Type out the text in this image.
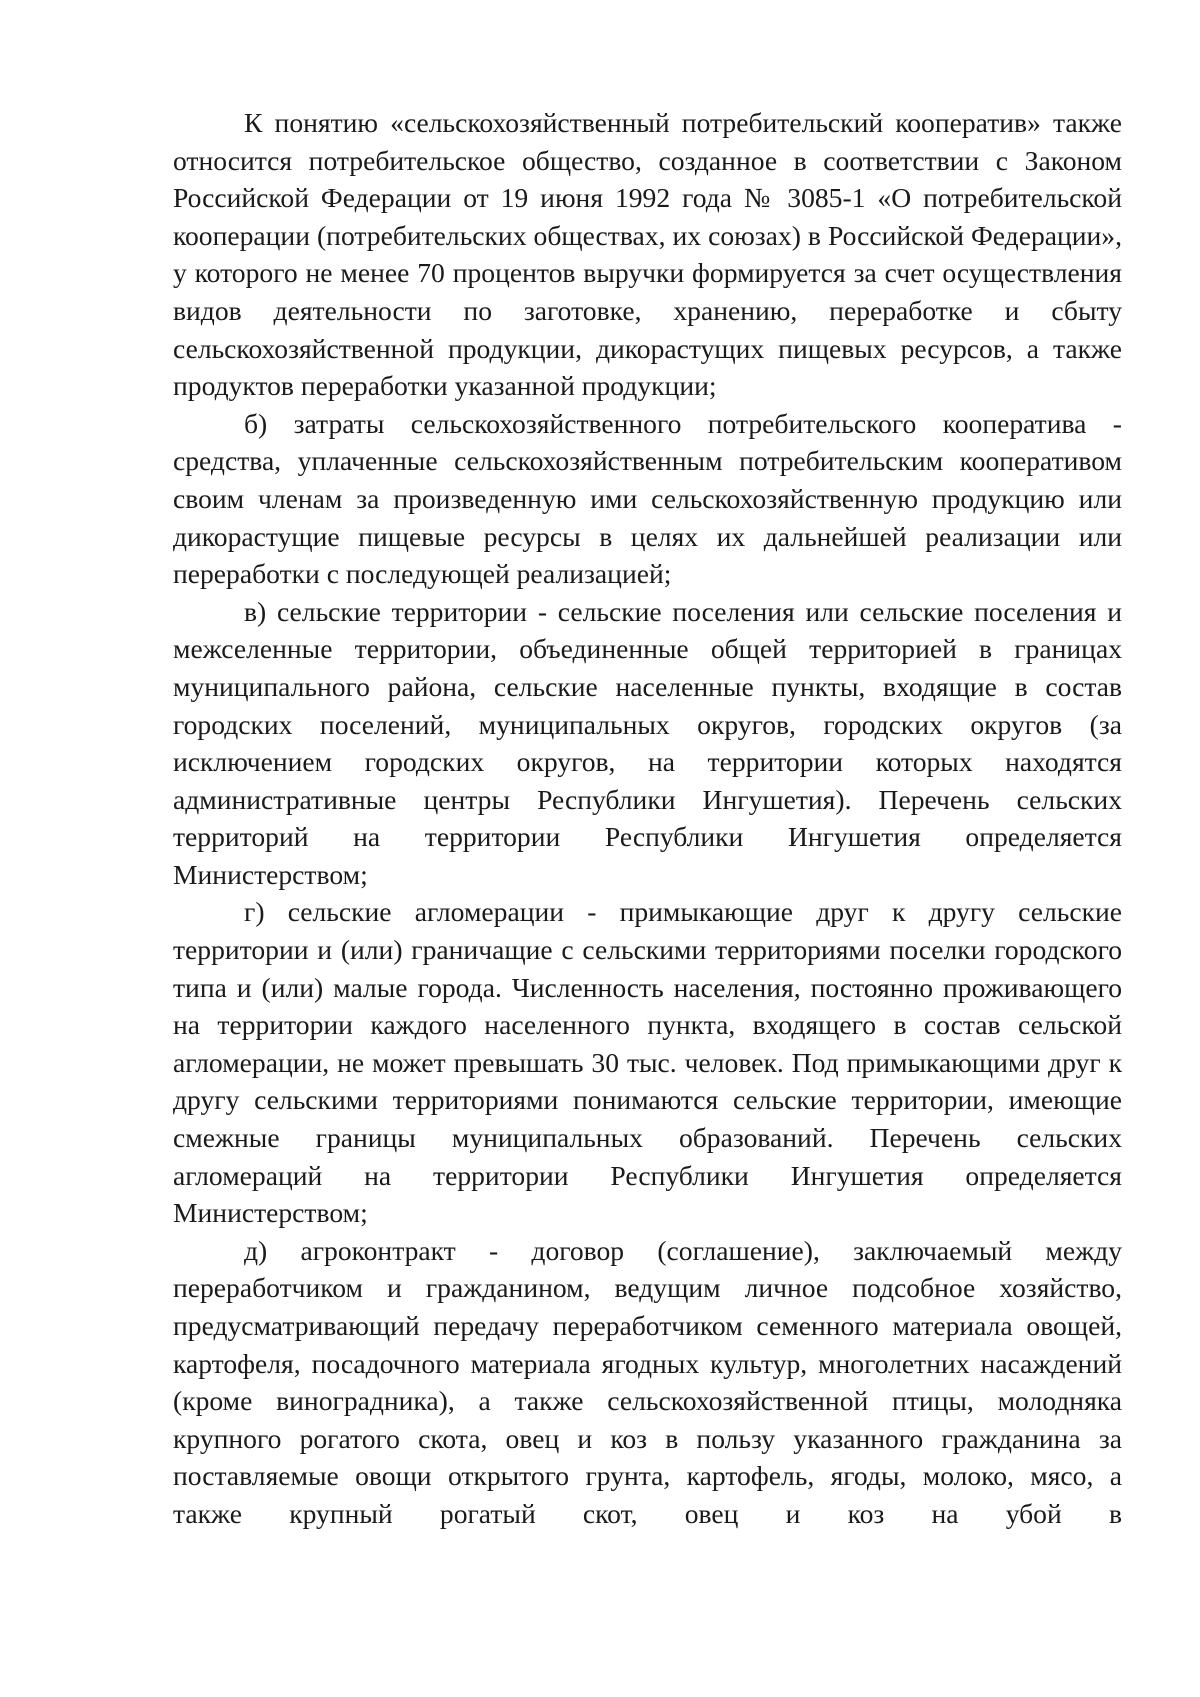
К понятию «сельскохозяйственный потребительский кооператив» также относится потребительское общество, созданное в соответствии с Законом Российской Федерации от 19 июня 1992 года № 3085-1 «О потребительской кооперации (потребительских обществах, их союзах) в Российской Федерации», у которого не менее 70 процентов выручки формируется за счет осуществления видов деятельности по заготовке, хранению, переработке и сбыту сельскохозяйственной продукции, дикорастущих пищевых ресурсов, а также продуктов переработки указанной продукции;

б) затраты сельскохозяйственного потребительского кооператива - средства, уплаченные сельскохозяйственным потребительским кооперативом своим членам за произведенную ими сельскохозяйственную продукцию или дикорастущие пищевые ресурсы в целях их дальнейшей реализации или переработки с последующей реализацией;

в) сельские территории - сельские поселения или сельские поселения и межселенные территории, объединенные общей территорией в границах муниципального района, сельские населенные пункты, входящие в состав городских поселений, муниципальных округов, городских округов (за исключением городских округов, на территории которых находятся административные центры Республики Ингушетия). Перечень сельских территорий на территории Республики Ингушетия определяется Министерством;

г) сельские агломерации - примыкающие друг к другу сельские территории и (или) граничащие с сельскими территориями поселки городского типа и (или) малые города. Численность населения, постоянно проживающего на территории каждого населенного пункта, входящего в состав сельской агломерации, не может превышать 30 тыс. человек. Под примыкающими друг к другу сельскими территориями понимаются сельские территории, имеющие смежные границы муниципальных образований. Перечень сельских агломераций на территории Республики Ингушетия определяется Министерством;

д) агроконтракт - договор (соглашение), заключаемый между переработчиком и гражданином, ведущим личное подсобное хозяйство, предусматривающий передачу переработчиком семенного материала овощей, картофеля, посадочного материала ягодных культур, многолетних насаждений (кроме виноградника), а также сельскохозяйственной птицы, молодняка крупного рогатого скота, овец и коз в пользу указанного гражданина за поставляемые овощи открытого грунта, картофель, ягоды, молоко, мясо, а также крупный рогатый скот, овец и коз на убой в
